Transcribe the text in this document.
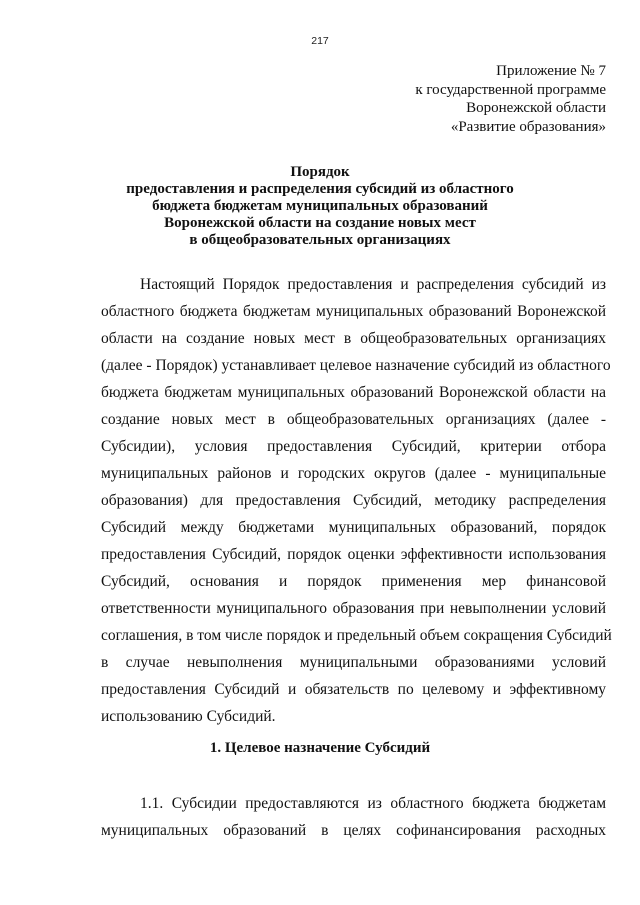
217
Приложение № 7
к государственной программе
Воронежской области
«Развитие образования»
Порядок
предоставления и распределения субсидий из областного
бюджета бюджетам муниципальных образований
Воронежской области на создание новых мест
в общеобразовательных организациях
Настоящий Порядок предоставления и распределения субсидий из
областного бюджета бюджетам муниципальных образований Воронежской
области на создание новых мест в общеобразовательных организациях
(далее - Порядок) устанавливает целевое назначение субсидий из областного
бюджета бюджетам муниципальных образований Воронежской области на
создание новых мест в общеобразовательных организациях (далее -
Субсидии), условия предоставления Субсидий, критерии отбора
муниципальных районов и городских округов (далее - муниципальные
образования) для предоставления Субсидий, методику распределения
Субсидий между бюджетами муниципальных образований, порядок
предоставления Субсидий, порядок оценки эффективности использования
Субсидий, основания и порядок применения мер финансовой
ответственности муниципального образования при невыполнении условий
соглашения, в том числе порядок и предельный объем сокращения Субсидий
в случае невыполнения муниципальными образованиями условий
предоставления Субсидий и обязательств по целевому и эффективному
использованию Субсидий.
1. Целевое назначение Субсидий
1.1. Субсидии предоставляются из областного бюджета бюджетам
муниципальных образований в целях софинансирования расходных
